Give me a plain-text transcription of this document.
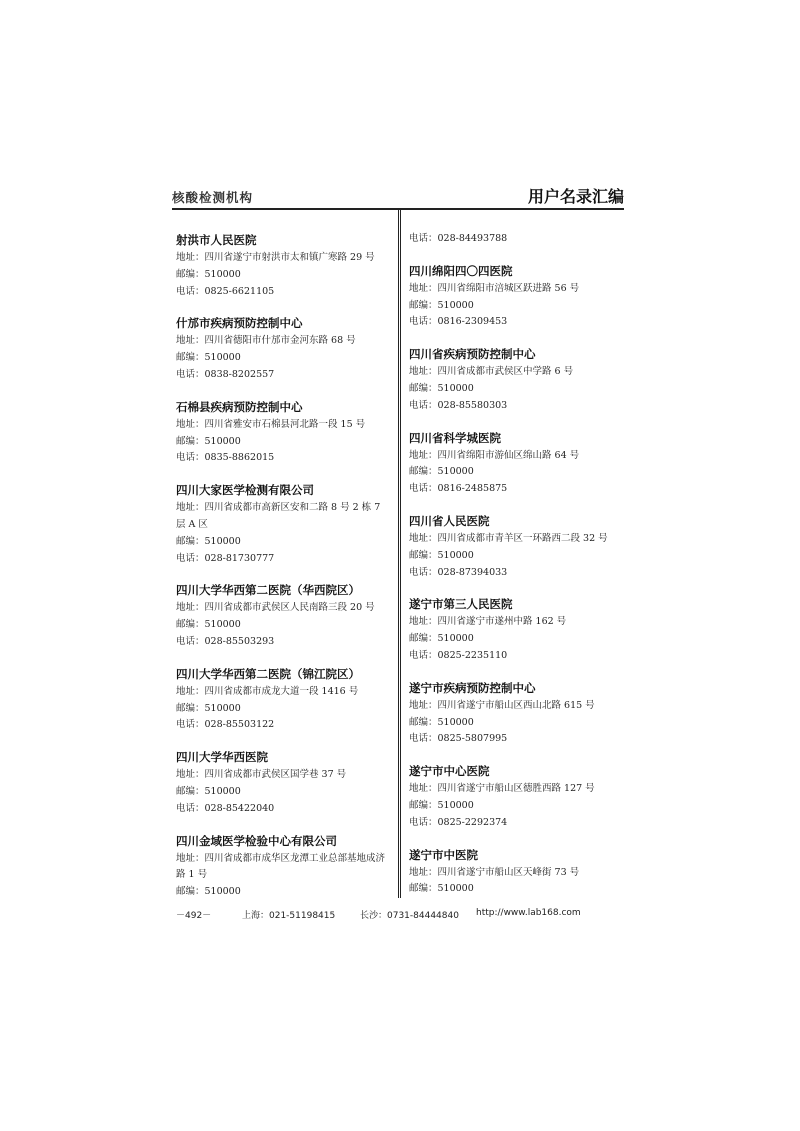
核酸检测机构	用户名录汇编
射洪市人民医院
地址：四川省遂宁市射洪市太和镇广寒路 29 号
邮编：510000
电话：0825-6621105
什邡市疾病预防控制中心
地址：四川省德阳市什邡市金河东路 68 号
邮编：510000
电话：0838-8202557
石棉县疾病预防控制中心
地址：四川省雅安市石棉县河北路一段 15 号
邮编：510000
电话：0835-8862015
四川大家医学检测有限公司
地址：四川省成都市高新区安和二路 8 号 2 栋 7 层 A 区
邮编：510000
电话：028-81730777
四川大学华西第二医院（华西院区）
地址：四川省成都市武侯区人民南路三段 20 号
邮编：510000
电话：028-85503293
四川大学华西第二医院（锦江院区）
地址：四川省成都市成龙大道一段 1416 号
邮编：510000
电话：028-85503122
四川大学华西医院
地址：四川省成都市武侯区国学巷 37 号
邮编：510000
电话：028-85422040
四川金域医学检验中心有限公司
地址：四川省成都市成华区龙潭工业总部基地成济路 1 号
邮编：510000
电话：028-84493788
四川绵阳四〇四医院
地址：四川省绵阳市涪城区跃进路 56 号
邮编：510000
电话：0816-2309453
四川省疾病预防控制中心
地址：四川省成都市武侯区中学路 6 号
邮编：510000
电话：028-85580303
四川省科学城医院
地址：四川省绵阳市游仙区绵山路 64 号
邮编：510000
电话：0816-2485875
四川省人民医院
地址：四川省成都市青羊区一环路西二段 32 号
邮编：510000
电话：028-87394033
遂宁市第三人民医院
地址：四川省遂宁市遂州中路 162 号
邮编：510000
电话：0825-2235110
遂宁市疾病预防控制中心
地址：四川省遂宁市船山区西山北路 615 号
邮编：510000
电话：0825-5807995
遂宁市中心医院
地址：四川省遂宁市船山区德胜西路 127 号
邮编：510000
电话：0825-2292374
遂宁市中医院
地址：四川省遂宁市船山区天峰街 73 号
邮编：510000
－492－	上海：021-51198415	长沙：0731-84444840 http://www.lab168.com
